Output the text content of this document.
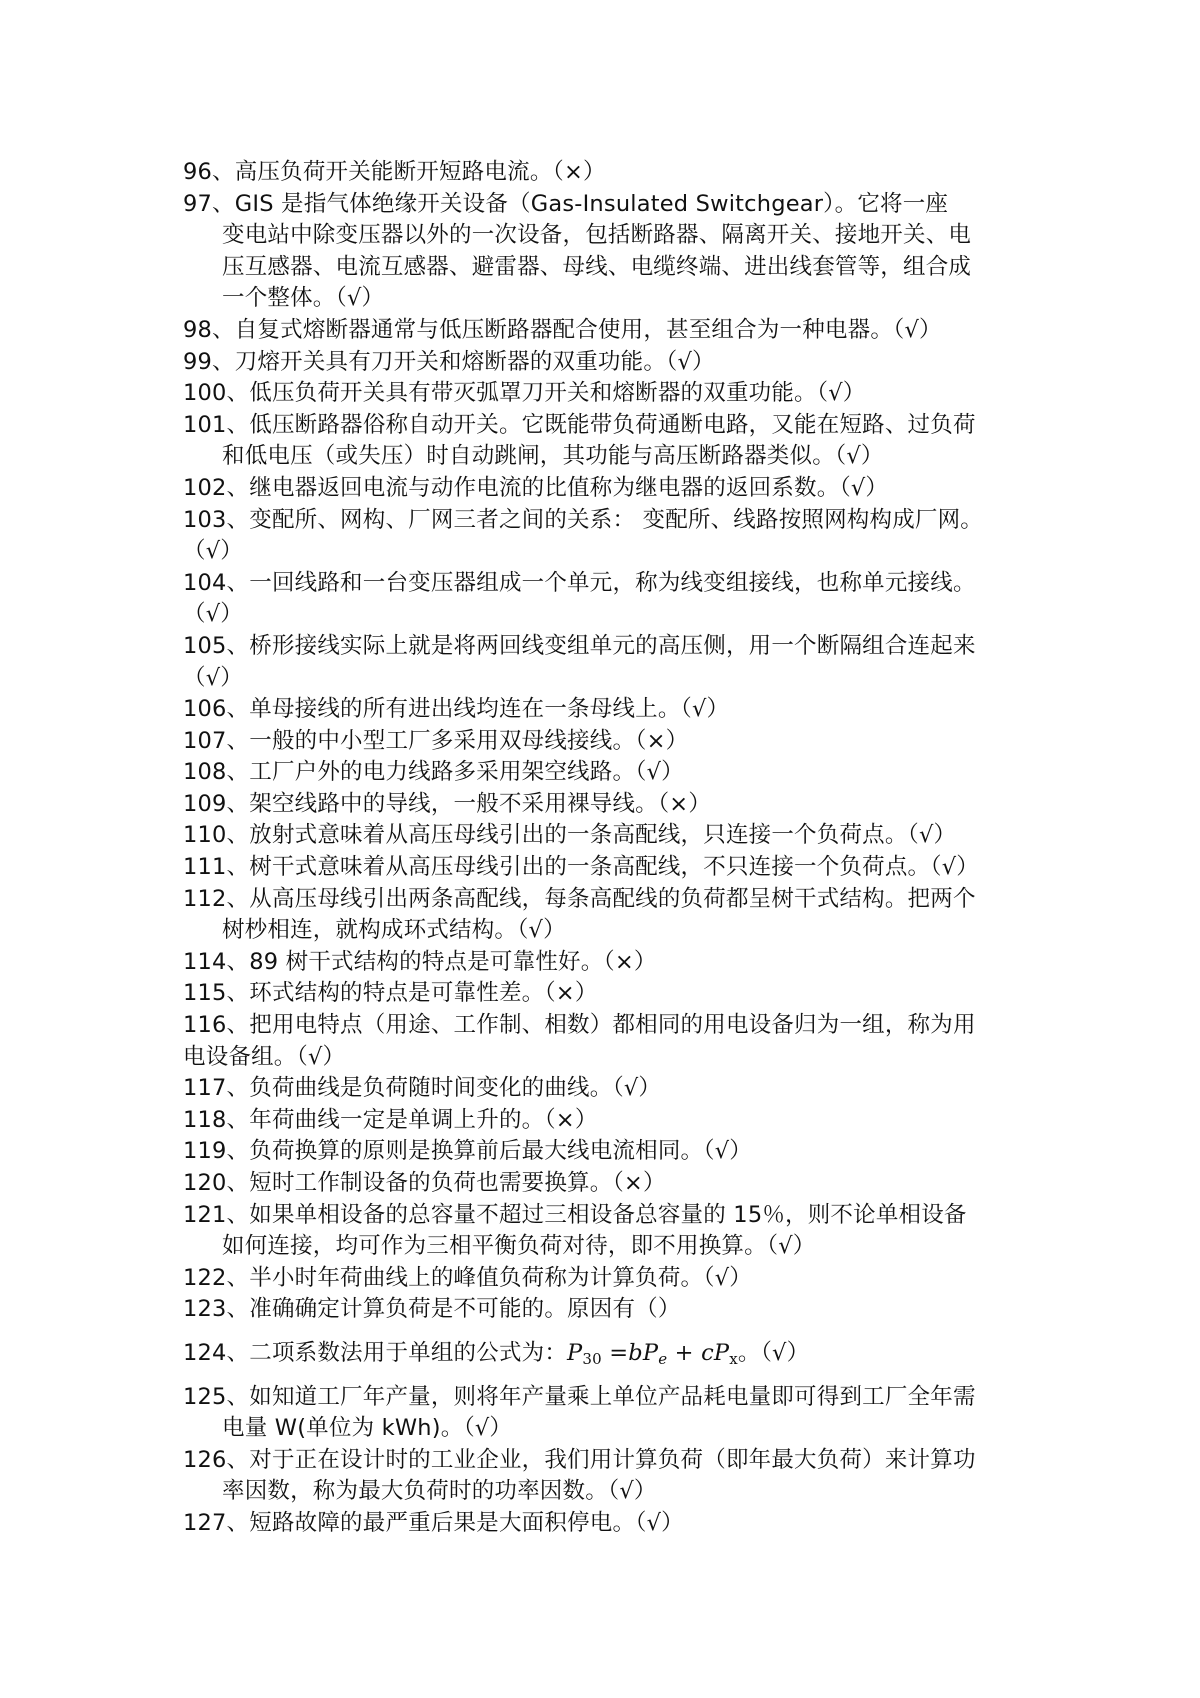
96、高压负荷开关能断开短路电流。（×）
97、GIS 是指气体绝缘开关设备（Gas-Insulated Switchgear）。它将一座
变电站中除变压器以外的一次设备，包括断路器、隔离开关、接地开关、电
压互感器、电流互感器、避雷器、母线、电缆终端、进出线套管等，组合成
一个整体。（√）
98、自复式熔断器通常与低压断路器配合使用，甚至组合为一种电器。（√）
99、刀熔开关具有刀开关和熔断器的双重功能。（√）
100、低压负荷开关具有带灭弧罩刀开关和熔断器的双重功能。（√）
101、低压断路器俗称自动开关。它既能带负荷通断电路，又能在短路、过负荷
和低电压（或失压）时自动跳闸，其功能与高压断路器类似。（√）
102、继电器返回电流与动作电流的比值称为继电器的返回系数。（√）
103、变配所、网构、厂网三者之间的关系： 变配所、线路按照网构构成厂网。
（√）
104、一回线路和一台变压器组成一个单元，称为线变组接线，也称单元接线。
（√）
105、桥形接线实际上就是将两回线变组单元的高压侧，用一个断隔组合连起来
（√）
106、单母接线的所有进出线均连在一条母线上。（√）
107、一般的中小型工厂多采用双母线接线。（×）
108、工厂户外的电力线路多采用架空线路。（√）
109、架空线路中的导线，一般不采用裸导线。（×）
110、放射式意味着从高压母线引出的一条高配线，只连接一个负荷点。（√）
111、树干式意味着从高压母线引出的一条高配线，不只连接一个负荷点。（√）
112、从高压母线引出两条高配线，每条高配线的负荷都呈树干式结构。把两个
树杪相连，就构成环式结构。（√）
114、89 树干式结构的特点是可靠性好。（×）
115、环式结构的特点是可靠性差。（×）
116、把用电特点（用途、工作制、相数）都相同的用电设备归为一组，称为用
电设备组。（√）
117、负荷曲线是负荷随时间变化的曲线。（√）
118、年荷曲线一定是单调上升的。（×）
119、负荷换算的原则是换算前后最大线电流相同。（√）
120、短时工作制设备的负荷也需要换算。（×）
121、如果单相设备的总容量不超过三相设备总容量的 15％，则不论单相设备
如何连接，均可作为三相平衡负荷对待，即不用换算。（√）
122、半小时年荷曲线上的峰值负荷称为计算负荷。（√）
123、准确确定计算负荷是不可能的。原因有（）
124、二项系数法用于单组的公式为：$P_{30} =bP_e + cP_x$。（√）
125、如知道工厂年产量，则将年产量乘上单位产品耗电量即可得到工厂全年需
电量 W(单位为 kWh)。（√）
126、对于正在设计时的工业企业，我们用计算负荷（即年最大负荷）来计算功
率因数，称为最大负荷时的功率因数。（√）
127、短路故障的最严重后果是大面积停电。（√）
